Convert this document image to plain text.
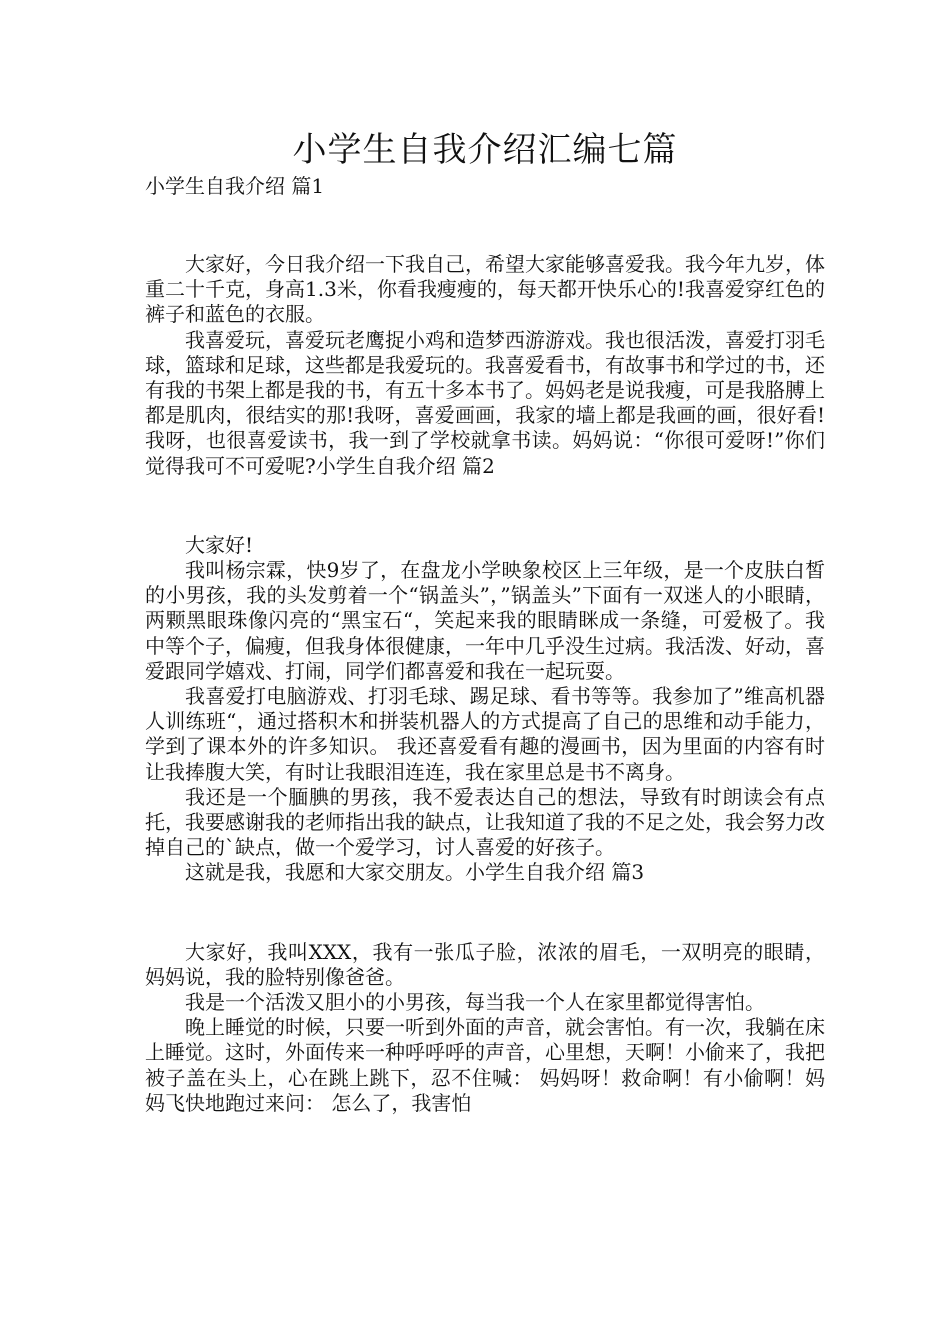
小学生自我介绍汇编七篇

小学生自我介绍 篇1

大家好，今日我介绍一下我自己，希望大家能够喜爱我。我今年九岁，体重二十千克，身高1.3米，你看我瘦瘦的，每天都开快乐心的!我喜爱穿红色的裤子和蓝色的衣服。

我喜爱玩，喜爱玩老鹰捉小鸡和造梦西游游戏。我也很活泼，喜爱打羽毛球，篮球和足球，这些都是我爱玩的。我喜爱看书，有故事书和学过的书，还有我的书架上都是我的书，有五十多本书了。妈妈老是说我瘦，可是我胳膊上都是肌肉，很结实的那!我呀，喜爱画画，我家的墙上都是我画的画，很好看!我呀，也很喜爱读书，我一到了学校就拿书读。妈妈说：“你很可爱呀!”你们觉得我可不可爱呢?小学生自我介绍 篇2

大家好!

我叫杨宗霖，快9岁了，在盘龙小学映象校区上三年级，是一个皮肤白皙的小男孩，我的头发剪着一个“锅盖头”，”锅盖头”下面有一双迷人的小眼睛，两颗黑眼珠像闪亮的“黑宝石“，笑起来我的眼睛眯成一条缝，可爱极了。我中等个子，偏瘦，但我身体很健康，一年中几乎没生过病。我活泼、好动，喜爱跟同学嬉戏、打闹，同学们都喜爱和我在一起玩耍。

我喜爱打电脑游戏、打羽毛球、踢足球、看书等等。我参加了”维高机器人训练班“，通过搭积木和拼装机器人的方式提高了自己的思维和动手能力，学到了课本外的许多知识。 我还喜爱看有趣的漫画书，因为里面的内容有时让我捧腹大笑，有时让我眼泪连连，我在家里总是书不离身。

我还是一个腼腆的男孩，我不爱表达自己的想法，导致有时朗读会有点托，我要感谢我的老师指出我的缺点，让我知道了我的不足之处，我会努力改掉自己的`缺点，做一个爱学习，讨人喜爱的好孩子。

这就是我，我愿和大家交朋友。小学生自我介绍 篇3

大家好，我叫XXX，我有一张瓜子脸，浓浓的眉毛，一双明亮的眼睛，妈妈说，我的脸特别像爸爸。

我是一个活泼又胆小的小男孩，每当我一个人在家里都觉得害怕。

晚上睡觉的时候，只要一听到外面的声音，就会害怕。有一次，我躺在床上睡觉。这时，外面传来一种呼呼呼的声音，心里想，天啊！小偷来了，我把被子盖在头上，心在跳上跳下，忍不住喊： 妈妈呀！救命啊！有小偷啊！妈妈飞快地跑过来问： 怎么了，我害怕
